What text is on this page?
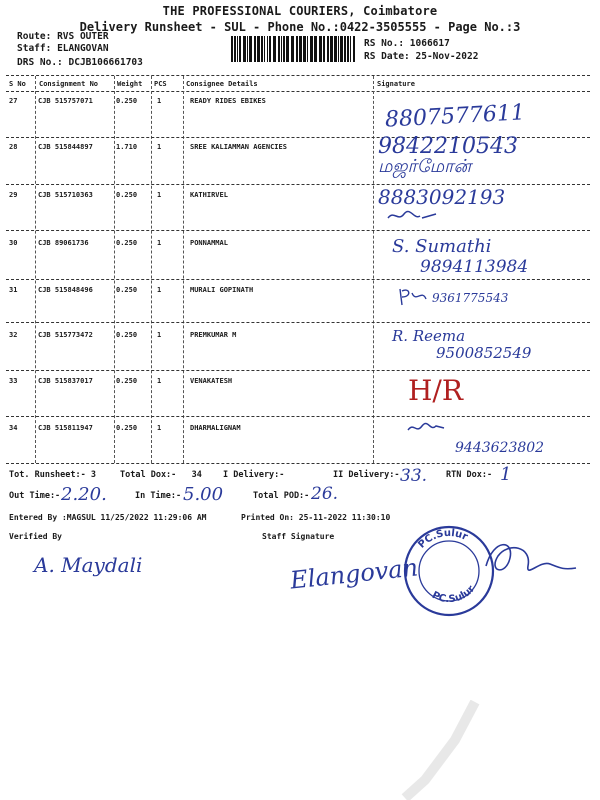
THE PROFESSIONAL COURIERS, Coimbatore
Delivery Runsheet - SUL - Phone No.:0422-3505555 - Page No.:3
Route: RVS OUTER
Staff: ELANGOVAN
DRS No.: DCJB106661703
RS No.: 1066617
RS Date: 25-Nov-2022
S No Consignment No	Weight PCS	Consignee Details	Signature
27	CJB 515757071	0.250	1	READY RIDES EBIKES	8807577611
28	CJB 515844897	1.710	1	SREE KALIAMMAN AGENCIES	9842210543
மஜர்மோன்
29	CJB 515710363	0.250	1	KATHIRVEL	8883092193
30	CJB 89061736	0.250	1	PONNAMMAL	S. Sumathi
9894113984
31	CJB 515848496	0.250	1	MURALI GOPINATH
9361775543
32	CJB 515773472	0.250	1	PREMKUMAR M	R. Reema
9500852549
33	CJB 515837017	0.250	1	VENAKATESH	H/R
34	CJB 515811947	0.250	1	DHARMALIGNAM
9443623802
Tot. Runsheet:- 3	Total Dox:- 34 I Delivery:-	II Delivery:- 33. RTN Dox:- 1
Out Time:- 2.20.	In Time:- 5.00	Total POD:- 26.
Entered By :MAGSUL 11/25/2022 11:29:06 AM	Printed On: 25-11-2022 11:30:10
Verified By	Staff Signature
A. Maydali	Elangovan
PC.Sulur
PC.Sulur
